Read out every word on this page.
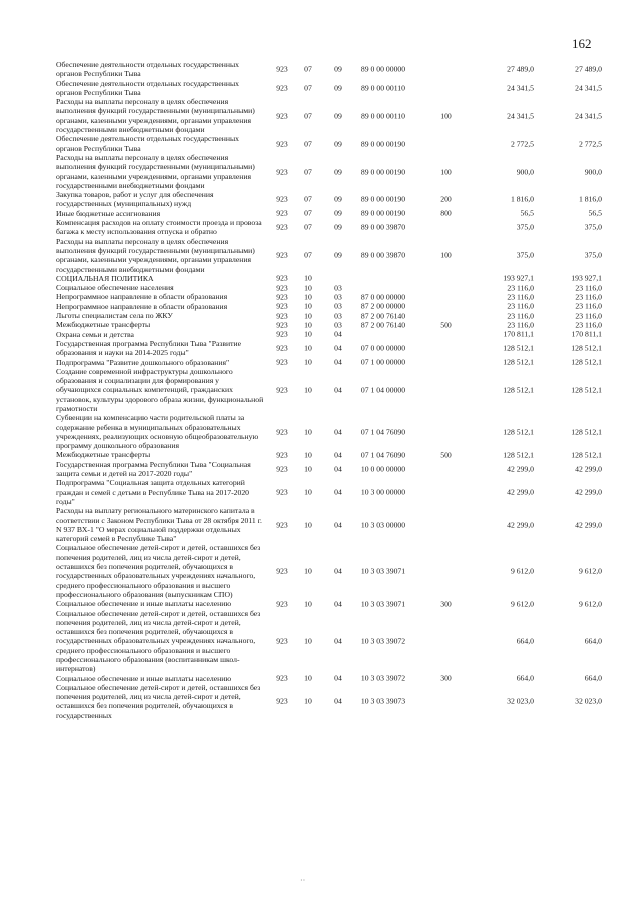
162
Обеспечение деятельности отдельных государственных органов Республики Тыва
923	07	09	89 0 00 00000	27 489,0	27 489,0
Обеспечение деятельности отдельных государственных органов Республики Тыва
923	07	09	89 0 00 00110	24 341,5	24 341,5
Расходы на выплаты персоналу в целях обеспечения выполнения функций государственными (муниципальными) органами, казенными учреждениями, органами управления государственными внебюджетными фондами
923	07	09	89 0 00 00110	100	24 341,5	24 341,5
Обеспечение деятельности отдельных государственных органов Республики Тыва
923	07	09	89 0 00 00190	2 772,5	2 772,5
Расходы на выплаты персоналу в целях обеспечения выполнения функций государственными (муниципальными) органами, казенными учреждениями, органами управления государственными внебюджетными фондами
923	07	09	89 0 00 00190	100	900,0	900,0
Закупка товаров, работ и услуг для обеспечения государственных (муниципальных) нужд
923	07	09	89 0 00 00190	200	1 816,0	1 816,0
Иные бюджетные ассигнования	923	07	09	89 0 00 00190	800	56,5	56,5
Компенсация расходов на оплату стоимости проезда и провоза багажа к месту использования отпуска и обратно
923	07	09	89 0 00 39870	375,0	375,0
Расходы на выплаты персоналу в целях обеспечения выполнения функций государственными (муниципальными) органами, казенными учреждениями, органами управления государственными внебюджетными фондами
923	07	09	89 0 00 39870	100	375,0	375,0
СОЦИАЛЬНАЯ ПОЛИТИКА	923	10	193 927,1	193 927,1
Социальное обеспечение населения	923	10	03	23 116,0	23 116,0
Непрограммное направление в области образования	923	10	03	87 0 00 00000	23 116,0	23 116,0
Непрограммное направление в области образования	923	10	03	87 2 00 00000	23 116,0	23 116,0
Льготы специалистам села по ЖКУ	923	10	03	87 2 00 76140	23 116,0	23 116,0
Межбюджетные трансферты	923	10	03	87 2 00 76140	500	23 116,0	23 116,0
Охрана семьи и детства	923	10	04	170 811,1	170 811,1
Государственная программа Республики Тыва "Развитие образования и науки на 2014-2025 годы"
923	10	04	07 0 00 00000	128 512,1	128 512,1
Подпрограмма "Развитие дошкольного образования"	923	10	04	07 1 00 00000	128 512,1	128 512,1
Создание современной инфраструктуры дошкольного образования и социализации для формирования у обучающихся социальных компетенций, гражданских установок, культуры здорового образа жизни, функциональной грамотности
923	10	04	07 1 04 00000	128 512,1	128 512,1
Субвенции на компенсацию части родительской платы за содержание ребенка в муниципальных образовательных учреждениях, реализующих основную общеобразовательную программу дошкольного образования
923	10	04	07 1 04 76090	128 512,1	128 512,1
Межбюджетные трансферты	923	10	04	07 1 04 76090	500	128 512,1	128 512,1
Государственная программа Республики Тыва "Социальная защита семьи и детей на 2017-2020 годы"
923	10	04	10 0 00 00000	42 299,0	42 299,0
Подпрограмма "Социальная защита отдельных категорий граждан и семей с детьми в Республике Тыва на 2017-2020 годы"
923	10	04	10 3 00 00000	42 299,0	42 299,0
Расходы на выплату регионального материнского капитала в соответствии с Законом Республики Тыва от 28 октября 2011 г. N 937 ВХ-1 "О мерах социальной поддержки отдельных категорий семей в Республике Тыва"
923	10	04	10 3 03 00000	42 299,0	42 299,0
Социальное обеспечение детей-сирот и детей, оставшихся без попечения родителей, лиц из числа детей-сирот и детей, оставшихся без попечения родителей, обучающихся в государственных образовательных учреждениях начального, среднего профессионального образования и высшего профессионального образования (выпускникам СПО)
923	10	04	10 3 03 39071	9 612,0	9 612,0
Социальное обеспечение и иные выплаты населению	923	10	04	10 3 03 39071	300	9 612,0	9 612,0
Социальное обеспечение детей-сирот и детей, оставшихся без попечения родителей, лиц из числа детей-сирот и детей, оставшихся без попечения родителей, обучающихся в государственных образовательных учреждениях начального, среднего профессионального образования и высшего профессионального образования (воспитанникам школ-интернатов)
923	10	04	10 3 03 39072	664,0	664,0
Социальное обеспечение и иные выплаты населению	923	10	04	10 3 03 39072	300	664,0	664,0
Социальное обеспечение детей-сирот и детей, оставшихся без попечения родителей, лиц из числа детей-сирот и детей, оставшихся без попечения родителей, обучающихся в государственных
923	10	04	10 3 03 39073	32 023,0	32 023,0
··
